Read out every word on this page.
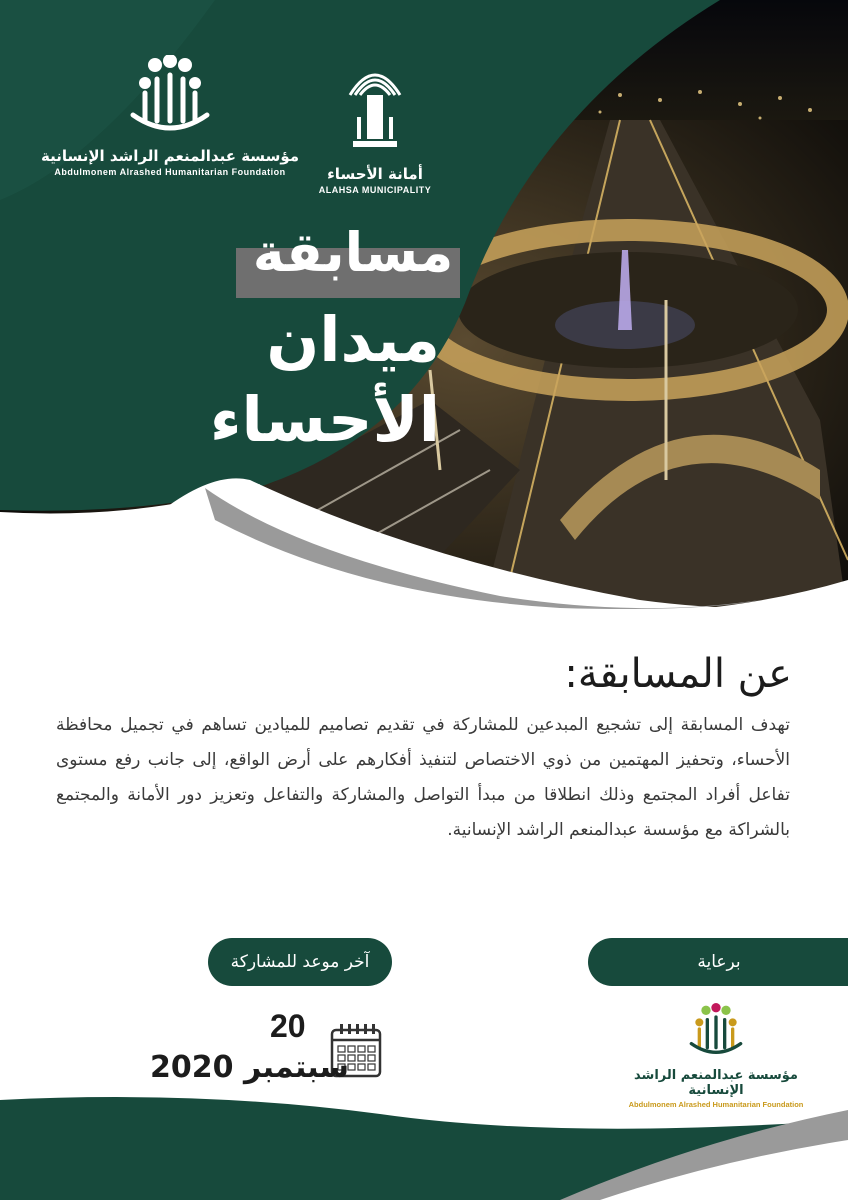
أمانة الأحساء
ALAHSA MUNICIPALITY
مؤسسة عبدالمنعم الراشد الإنسانية
Abdulmonem Alrashed Humanitarian Foundation
مسابقة
ميدان الأحساء
عن المسابقة:
تهدف المسابقة إلى تشجيع المبدعين للمشاركة في تقديم تصاميم للميادين تساهم في تجميل محافظة الأحساء، وتحفيز المهتمين من ذوي الاختصاص لتنفيذ أفكارهم على أرض الواقع، إلى جانب رفع مستوى تفاعل أفراد المجتمع وذلك انطلاقا من مبدأ التواصل والمشاركة والتفاعل وتعزيز دور الأمانة والمجتمع بالشراكة مع مؤسسة عبدالمنعم الراشد الإنسانية.
برعاية
آخر موعد للمشاركة
20
سبتمبر 2020	مؤسسة عبدالمنعم الراشد الإنسانية
Abdulmonem Alrashed Humanitarian Foundation
